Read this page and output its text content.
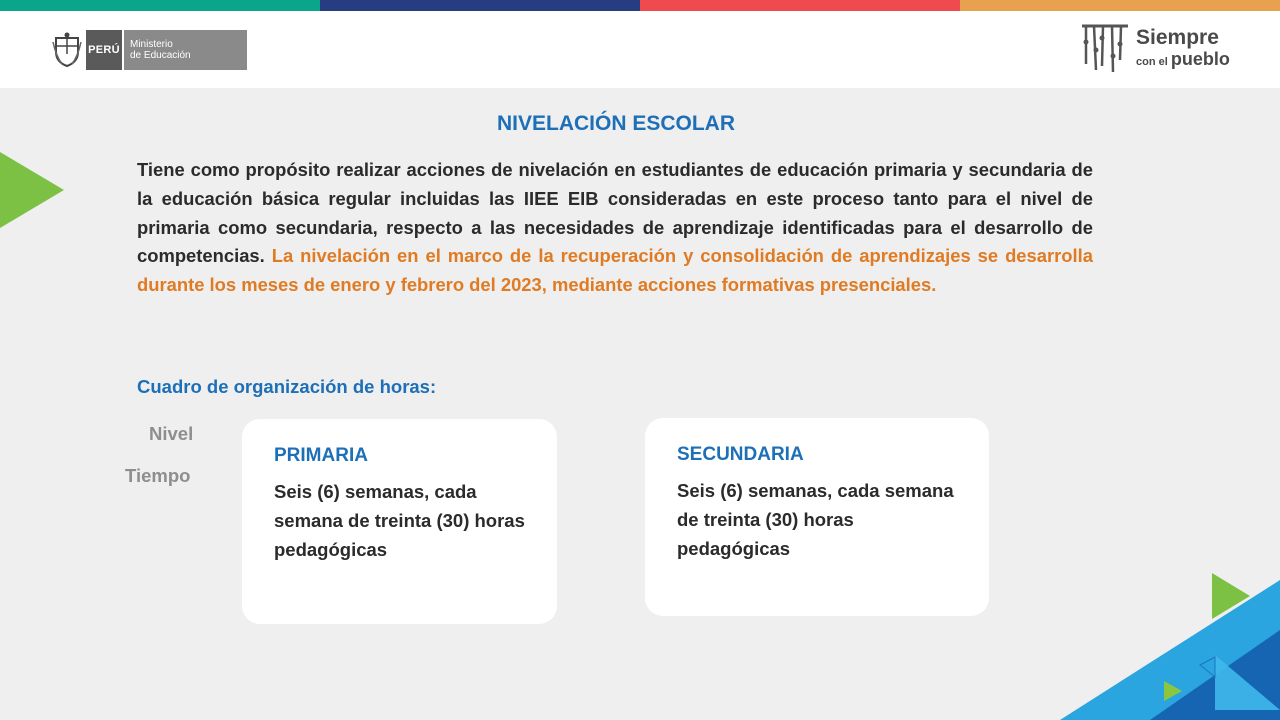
PERÚ Ministerio
de Educación
Siempre
con el pueblo
NIVELACIÓN ESCOLAR

Tiene como propósito realizar acciones de nivelación en estudiantes de educación primaria y secundaria de la educación básica regular incluidas las IIEE EIB consideradas en este proceso tanto para el nivel de primaria como secundaria, respecto a las necesidades de aprendizaje identificadas para el desarrollo de competencias. La nivelación en el marco de la recuperación y consolidación de aprendizajes se desarrolla durante los meses de enero y febrero del 2023, mediante acciones formativas presenciales.

Cuadro de organización de horas:
Nivel
Tiempo
PRIMARIA
Seis (6) semanas, cada semana de treinta (30) horas pedagógicas
SECUNDARIA
Seis (6) semanas, cada semana de treinta (30) horas pedagógicas
